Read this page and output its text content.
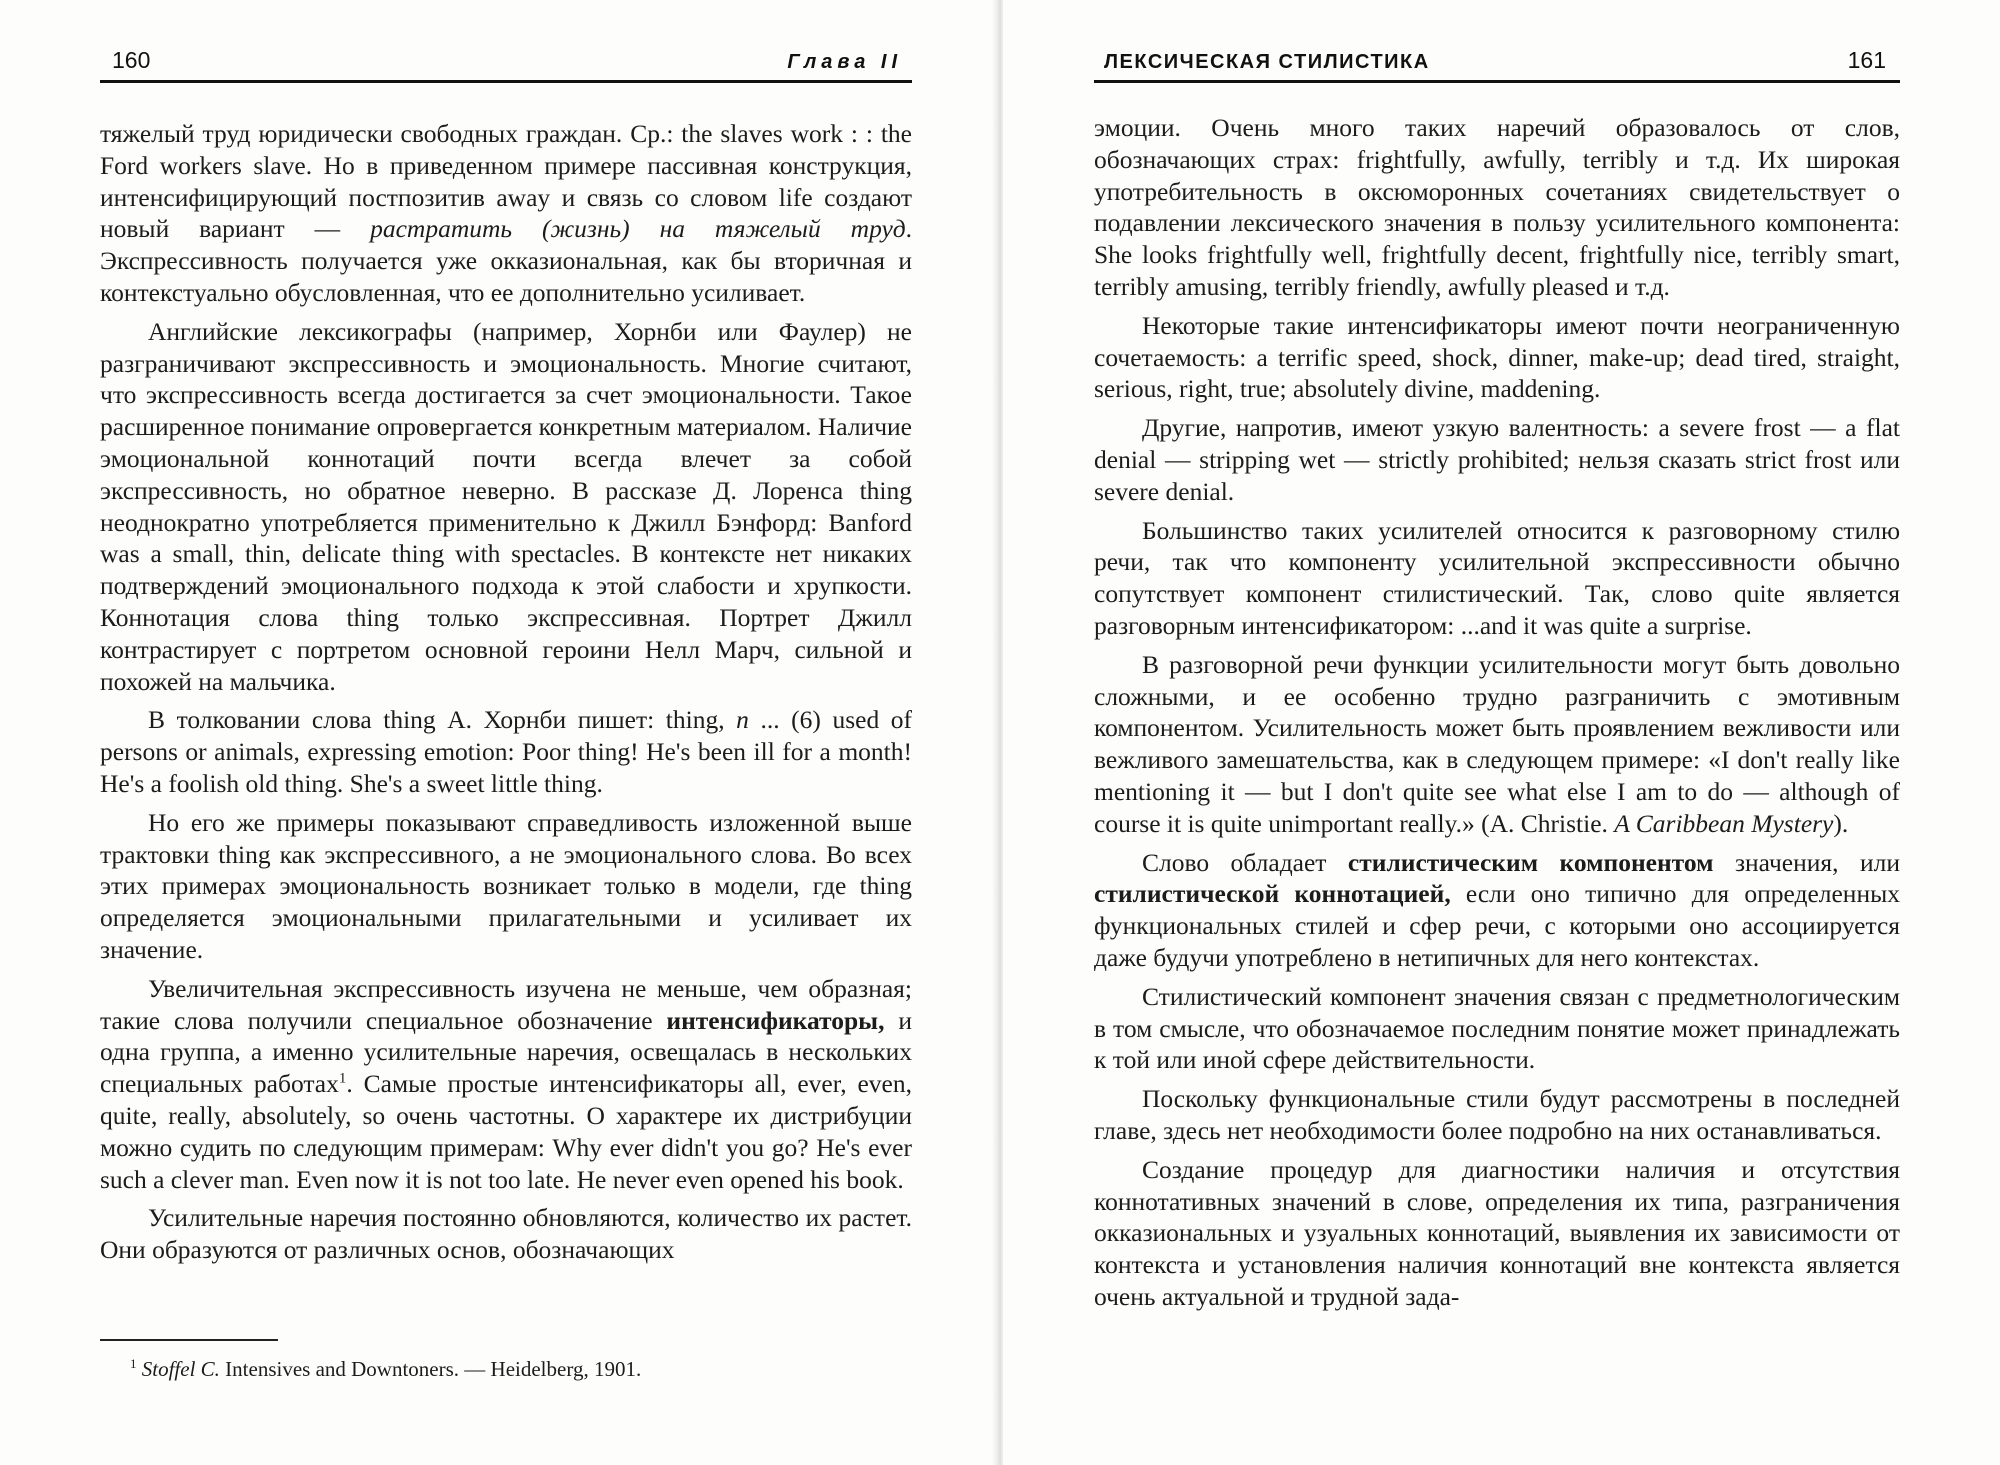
160	Глава II

тяжелый труд юридически свободных граждан. Ср.: the slaves work : : the Ford workers slave. Но в приведенном примере пассивная конструкция, интенсифицирующий постпозитив away и связь со словом life создают новый вариант — растратить (жизнь) на тяжелый труд. Экспрессивность получается уже окказиональная, как бы вторичная и контекстуально обусловленная, что ее дополнительно усиливает.

Английские лексикографы (например, Хорнби или Фаулер) не разграничивают экспрессивность и эмоциональность. Многие считают, что экспрессивность всегда достигается за счет эмоциональности. Такое расширенное понимание опровергается конкретным материалом. Наличие эмоциональной коннотаций почти всегда влечет за собой экспрессивность, но обратное неверно. В рассказе Д. Лоренса thing неоднократно употребляется применительно к Джилл Бэнфорд: Banford was a small, thin, delicate thing with spectacles. В контексте нет никаких подтверждений эмоционального подхода к этой слабости и хрупкости. Коннотация слова thing только экспрессивная. Портрет Джилл контрастирует с портретом основной героини Нелл Марч, сильной и похожей на мальчика.

В толковании слова thing А. Хорнби пишет: thing, n ... (6) used of persons or animals, expressing emotion: Poor thing! He's been ill for a month! He's a foolish old thing. She's a sweet little thing.

Но его же примеры показывают справедливость изложенной выше трактовки thing как экспрессивного, а не эмоционального слова. Во всех этих примерах эмоциональность возникает только в модели, где thing определяется эмоциональными прилагательными и усиливает их значение.

Увеличительная экспрессивность изучена не меньше, чем образная; такие слова получили специальное обозначение интенсификаторы, и одна группа, а именно усилительные наречия, освещалась в нескольких специальных работах$^1$. Самые простые интенсификаторы all, ever, even, quite, really, absolutely, so очень частотны. О характере их дистрибуции можно судить по следующим примерам: Why ever didn't you go? He's ever such a clever man. Even now it is not too late. He never even opened his book.

Усилительные наречия постоянно обновляются, количество их растет. Они образуются от различных основ, обозначающих

$^1$ Stoffel C. Intensives and Downtoners. — Heidelberg, 1901.
ЛЕКСИЧЕСКАЯ СТИЛИСТИКА	161

эмоции. Очень много таких наречий образовалось от слов, обозначающих страх: frightfully, awfully, terribly и т.д. Их широкая употребительность в оксюморонных сочетаниях свидетельствует о подавлении лексического значения в пользу усилительного компонента: She looks frightfully well, frightfully decent, frightfully nice, terribly smart, terribly amusing, terribly friendly, awfully pleased и т.д.

Некоторые такие интенсификаторы имеют почти неограниченную сочетаемость: a terrific speed, shock, dinner, make-up; dead tired, straight, serious, right, true; absolutely divine, maddening.

Другие, напротив, имеют узкую валентность: a severe frost — a flat denial — stripping wet — strictly prohibited; нельзя сказать strict frost или severe denial.

Большинство таких усилителей относится к разговорному стилю речи, так что компоненту усилительной экспрессивности обычно сопутствует компонент стилистический. Так, слово quite является разговорным интенсификатором: ...and it was quite a surprise.

В разговорной речи функции усилительности могут быть довольно сложными, и ее особенно трудно разграничить с эмотивным компонентом. Усилительность может быть проявлением вежливости или вежливого замешательства, как в следующем примере: «I don't really like mentioning it — but I don't quite see what else I am to do — although of course it is quite unimportant really.» (A. Christie. A Caribbean Mystery).

Слово обладает стилистическим компонентом значения, или стилистической коннотацией, если оно типично для определенных функциональных стилей и сфер речи, с которыми оно ассоциируется даже будучи употреблено в нетипичных для него контекстах.

Стилистический компонент значения связан с предметнологическим в том смысле, что обозначаемое последним понятие может принадлежать к той или иной сфере действительности.

Поскольку функциональные стили будут рассмотрены в последней главе, здесь нет необходимости более подробно на них останавливаться.

Создание процедур для диагностики наличия и отсутствия коннотативных значений в слове, определения их типа, разграничения окказиональных и узуальных коннотаций, выявления их зависимости от контекста и установления наличия коннотаций вне контекста является очень актуальной и трудной зада-
